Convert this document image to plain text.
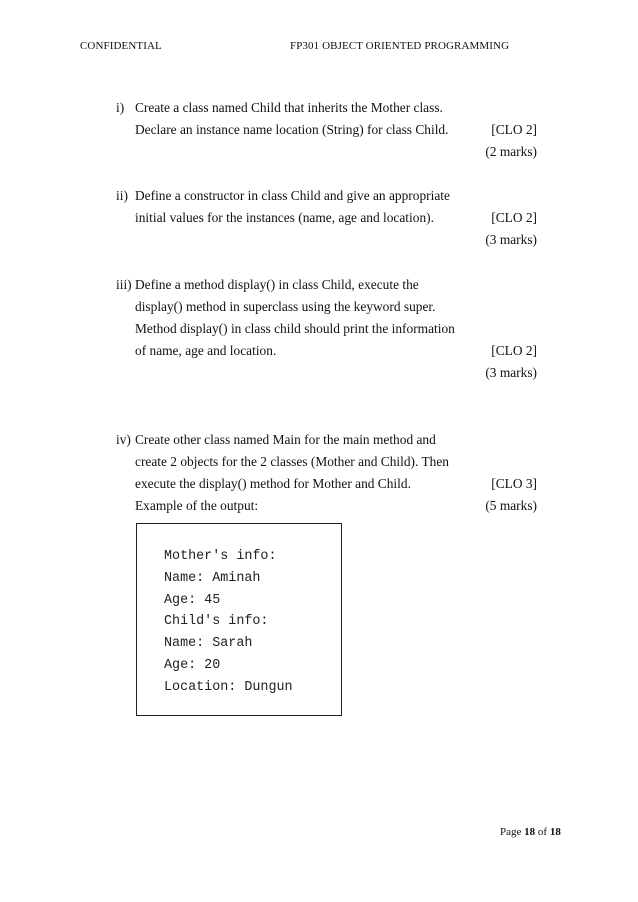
CONFIDENTIAL	FP301 OBJECT ORIENTED PROGRAMMING
i) Create a class named Child that inherits the Mother class.
Declare an instance name location (String) for class Child.	[CLO 2]
(2 marks)
ii) Define a constructor in class Child and give an appropriate
initial values for the instances (name, age and location).	[CLO 2]
(3 marks)
iii) Define a method display() in class Child, execute the
display() method in superclass using the keyword super.
Method display() in class child should print the information
of name, age and location.	[CLO 2]
(3 marks)
iv) Create other class named Main for the main method and
create 2 objects for the 2 classes (Mother and Child). Then
execute the display() method for Mother and Child.	[CLO 3]
Example of the output:	(5 marks)
Mother's info:
Name: Aminah
Age: 45
Child's info:
Name: Sarah
Age: 20
Location: Dungun
Page 18 of 18
